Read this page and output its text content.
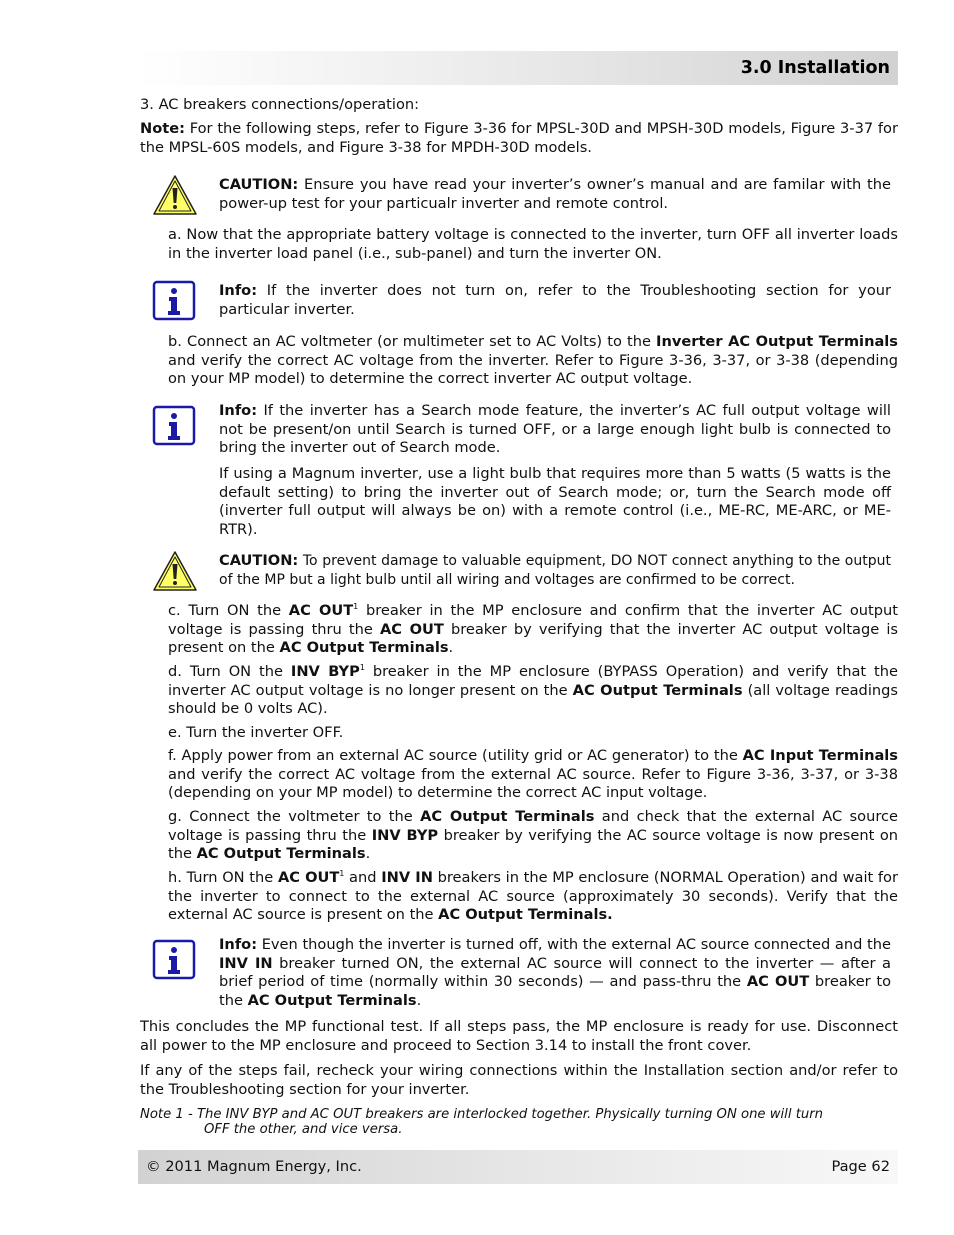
3.0 Installation
3. AC breakers connections/operation:
Note: For the following steps, refer to Figure 3-36 for MPSL-30D and MPSH-30D models, Figure 3-37 for the MPSL-60S models, and Figure 3-38 for MPDH-30D models.
CAUTION: Ensure you have read your inverter’s owner’s manual and are familar with the power-up test for your particualr inverter and remote control.
a. Now that the appropriate battery voltage is connected to the inverter, turn OFF all inverter loads in the inverter load panel (i.e., sub-panel) and turn the inverter ON.
Info: If the inverter does not turn on, refer to the Troubleshooting section for your particular inverter.
b. Connect an AC voltmeter (or multimeter set to AC Volts) to the Inverter AC Output Terminals and verify the correct AC voltage from the inverter. Refer to Figure 3-36, 3-37, or 3-38 (depending on your MP model) to determine the correct inverter AC output voltage.
Info: If the inverter has a Search mode feature, the inverter’s AC full output voltage will not be present/on until Search is turned OFF, or a large enough light bulb is connected to bring the inverter out of Search mode.
If using a Magnum inverter, use a light bulb that requires more than 5 watts (5 watts is the default setting) to bring the inverter out of Search mode; or, turn the Search mode off (inverter full output will always be on) with a remote control (i.e., ME-RC, ME-ARC, or ME-RTR).
CAUTION: To prevent damage to valuable equipment, DO NOT connect anything to the output of the MP but a light bulb until all wiring and voltages are confirmed to be correct.
c. Turn ON the AC OUT$^1$ breaker in the MP enclosure and confirm that the inverter AC output voltage is passing thru the AC OUT breaker by verifying that the inverter AC output voltage is present on the AC Output Terminals.
d. Turn ON the INV BYP$^1$ breaker in the MP enclosure (BYPASS Operation) and verify that the inverter AC output voltage is no longer present on the AC Output Terminals (all voltage readings should be 0 volts AC).
e. Turn the inverter OFF.
f. Apply power from an external AC source (utility grid or AC generator) to the AC Input Terminals and verify the correct AC voltage from the external AC source. Refer to Figure 3-36, 3-37, or 3-38 (depending on your MP model) to determine the correct AC input voltage.
g. Connect the voltmeter to the AC Output Terminals and check that the external AC source voltage is passing thru the INV BYP breaker by verifying the AC source voltage is now present on the AC Output Terminals.
h. Turn ON the AC OUT$^1$ and INV IN breakers in the MP enclosure (NORMAL Operation) and wait for the inverter to connect to the external AC source (approximately 30 seconds). Verify that the external AC source is present on the AC Output Terminals.
Info: Even though the inverter is turned off, with the external AC source connected and the INV IN breaker turned ON, the external AC source will connect to the inverter — after a brief period of time (normally within 30 seconds) — and pass-thru the AC OUT breaker to the AC Output Terminals.
This concludes the MP functional test. If all steps pass, the MP enclosure is ready for use. Disconnect all power to the MP enclosure and proceed to Section 3.14 to install the front cover.
If any of the steps fail, recheck your wiring connections within the Installation section and/or refer to the Troubleshooting section for your inverter.
Note 1 - The INV BYP and AC OUT breakers are interlocked together. Physically turning ON one will turn
OFF the other, and vice versa.
© 2011 Magnum Energy, Inc.	Page 62
